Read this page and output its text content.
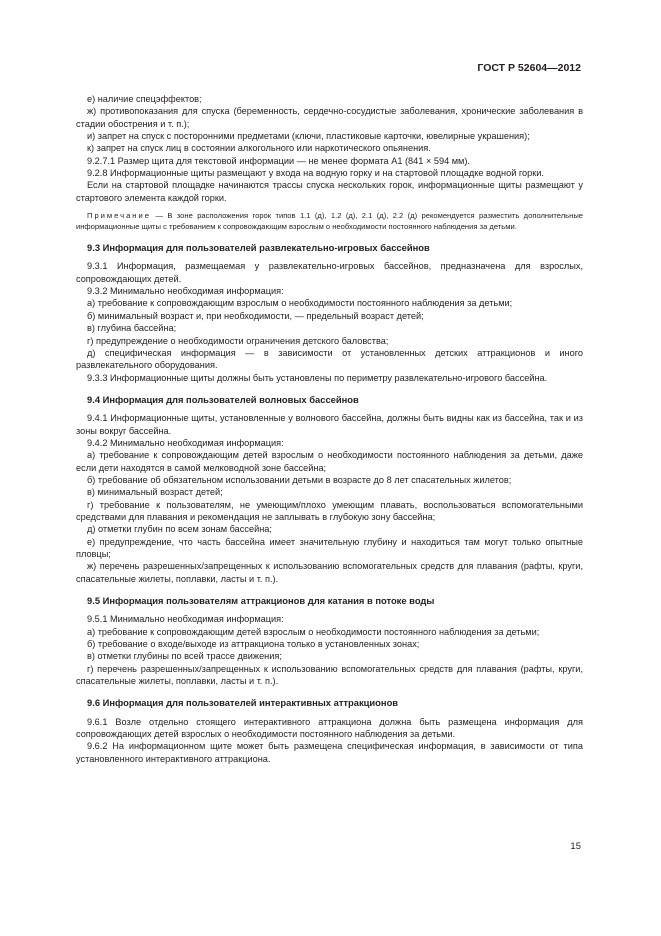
ГОСТ Р 52604—2012

е) наличие спецэффектов;

ж) противопоказания для спуска (беременность, сердечно-сосудистые заболевания, хронические заболевания в стадии обострения и т. п.);

и) запрет на спуск с посторонними предметами (ключи, пластиковые карточки, ювелирные украшения);

к) запрет на спуск лиц в состоянии алкогольного или наркотического опьянения.

9.2.7.1 Размер щита для текстовой информации — не менее формата А1 (841 × 594 мм).

9.2.8 Информационные щиты размещают у входа на водную горку и на стартовой площадке водной горки.

Если на стартовой площадке начинаются трассы спуска нескольких горок, информационные щиты размещают у стартового элемента каждой горки.

Примечание — В зоне расположения горок типов 1.1 (д), 1.2 (д), 2.1 (д), 2.2 (д) рекомендуется разместить дополнительные информационные щиты с требованием к сопровождающим взрослым о необходимости постоянного наблюдения за детьми.

9.3 Информация для пользователей развлекательно-игровых бассейнов

9.3.1 Информация, размещаемая у развлекательно-игровых бассейнов, предназначена для взрослых, сопровождающих детей.

9.3.2 Минимально необходимая информация:

а) требование к сопровождающим взрослым о необходимости постоянного наблюдения за детьми;

б) минимальный возраст и, при необходимости, — предельный возраст детей;

в) глубина бассейна;

г) предупреждение о необходимости ограничения детского баловства;

д) специфическая информация — в зависимости от установленных детских аттракционов и иного развлекательного оборудования.

9.3.3 Информационные щиты должны быть установлены по периметру развлекательно-игрового бассейна.

9.4 Информация для пользователей волновых бассейнов

9.4.1 Информационные щиты, установленные у волнового бассейна, должны быть видны как из бассейна, так и из зоны вокруг бассейна.

9.4.2 Минимально необходимая информация:

а) требование к сопровождающим детей взрослым о необходимости постоянного наблюдения за детьми, даже если дети находятся в самой мелководной зоне бассейна;

б) требование об обязательном использовании детьми в возрасте до 8 лет спасательных жилетов;

в) минимальный возраст детей;

г) требование к пользователям, не умеющим/плохо умеющим плавать, воспользоваться вспомогательными средствами для плавания и рекомендация не заплывать в глубокую зону бассейна;

д) отметки глубин по всем зонам бассейна;

е) предупреждение, что часть бассейна имеет значительную глубину и находиться там могут только опытные пловцы;

ж) перечень разрешенных/запрещенных к использованию вспомогательных средств для плавания (рафты, круги, спасательные жилеты, поплавки, ласты и т. п.).

9.5 Информация пользователям аттракционов для катания в потоке воды

9.5.1 Минимально необходимая информация:

а) требование к сопровождающим детей взрослым о необходимости постоянного наблюдения за детьми;

б) требование о входе/выходе из аттракциона только в установленных зонах;

в) отметки глубины по всей трассе движения;

г) перечень разрешенных/запрещенных к использованию вспомогательных средств для плавания (рафты, круги, спасательные жилеты, поплавки, ласты и т. п.).

9.6 Информация для пользователей интерактивных аттракционов

9.6.1 Возле отдельно стоящего интерактивного аттракциона должна быть размещена информация для сопровождающих детей взрослых о необходимости постоянного наблюдения за детьми.

9.6.2 На информационном щите может быть размещена специфическая информация, в зависимости от типа установленного интерактивного аттракциона.

15
